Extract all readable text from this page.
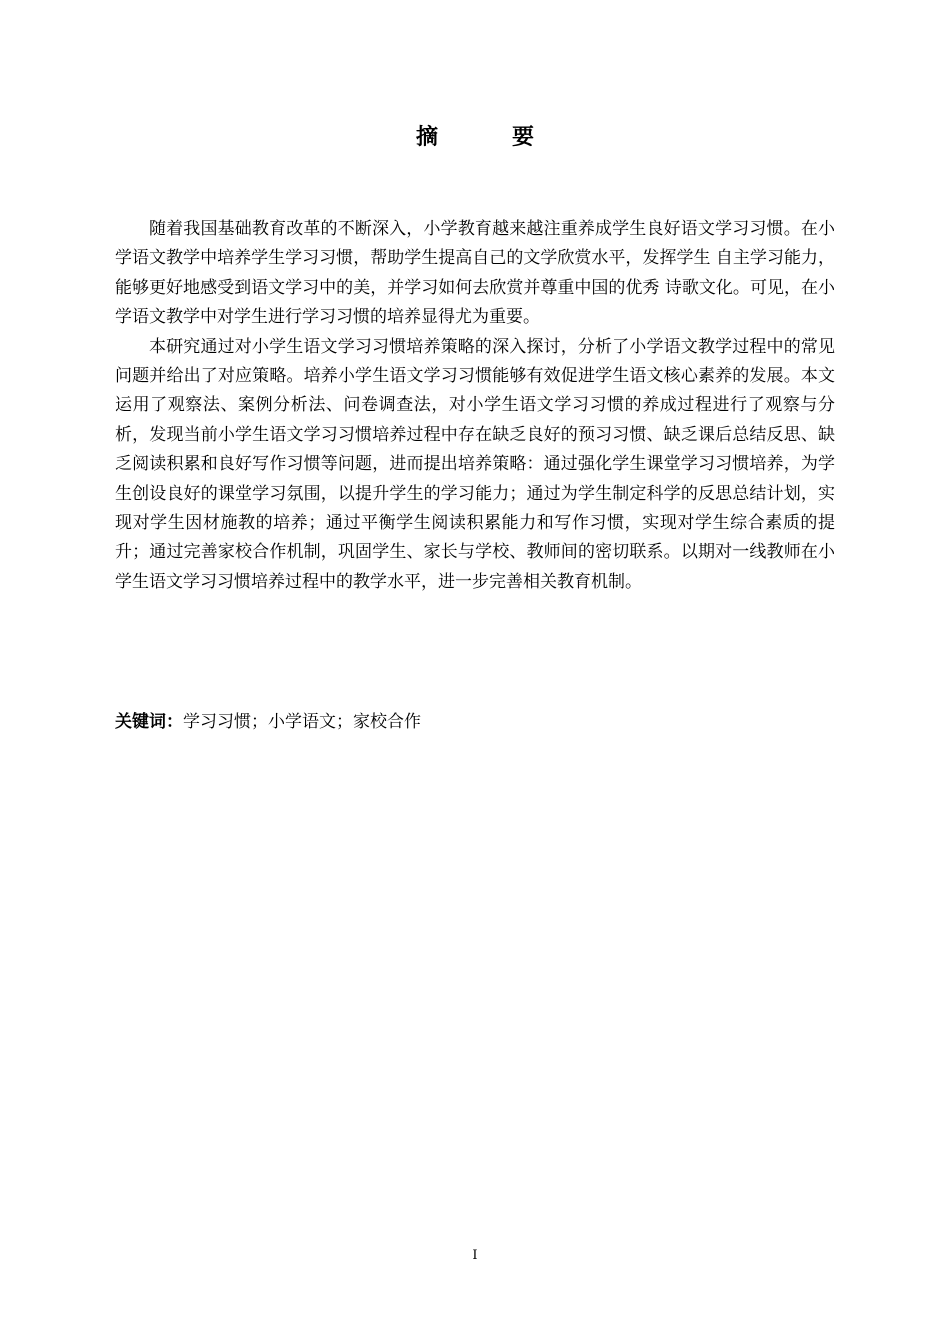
摘　要

随着我国基础教育改革的不断深入，小学教育越来越注重养成学生良好语文学习习惯。在小学语文教学中培养学生学习习惯，帮助学生提高自己的文学欣赏水平，发挥学生 自主学习能力，能够更好地感受到语文学习中的美，并学习如何去欣赏并尊重中国的优秀 诗歌文化。可见，在小学语文教学中对学生进行学习习惯的培养显得尤为重要。

本研究通过对小学生语文学习习惯培养策略的深入探讨，分析了小学语文教学过程中的常见问题并给出了对应策略。培养小学生语文学习习惯能够有效促进学生语文核心素养的发展。本文运用了观察法、案例分析法、问卷调查法，对小学生语文学习习惯的养成过程进行了观察与分析，发现当前小学生语文学习习惯培养过程中存在缺乏良好的预习习惯、缺乏课后总结反思、缺乏阅读积累和良好写作习惯等问题，进而提出培养策略：通过强化学生课堂学习习惯培养，为学生创设良好的课堂学习氛围，以提升学生的学习能力；通过为学生制定科学的反思总结计划，实现对学生因材施教的培养；通过平衡学生阅读积累能力和写作习惯，实现对学生综合素质的提升；通过完善家校合作机制，巩固学生、家长与学校、教师间的密切联系。以期对一线教师在小学生语文学习习惯培养过程中的教学水平，进一步完善相关教育机制。

关键词：学习习惯；小学语文；家校合作
I
